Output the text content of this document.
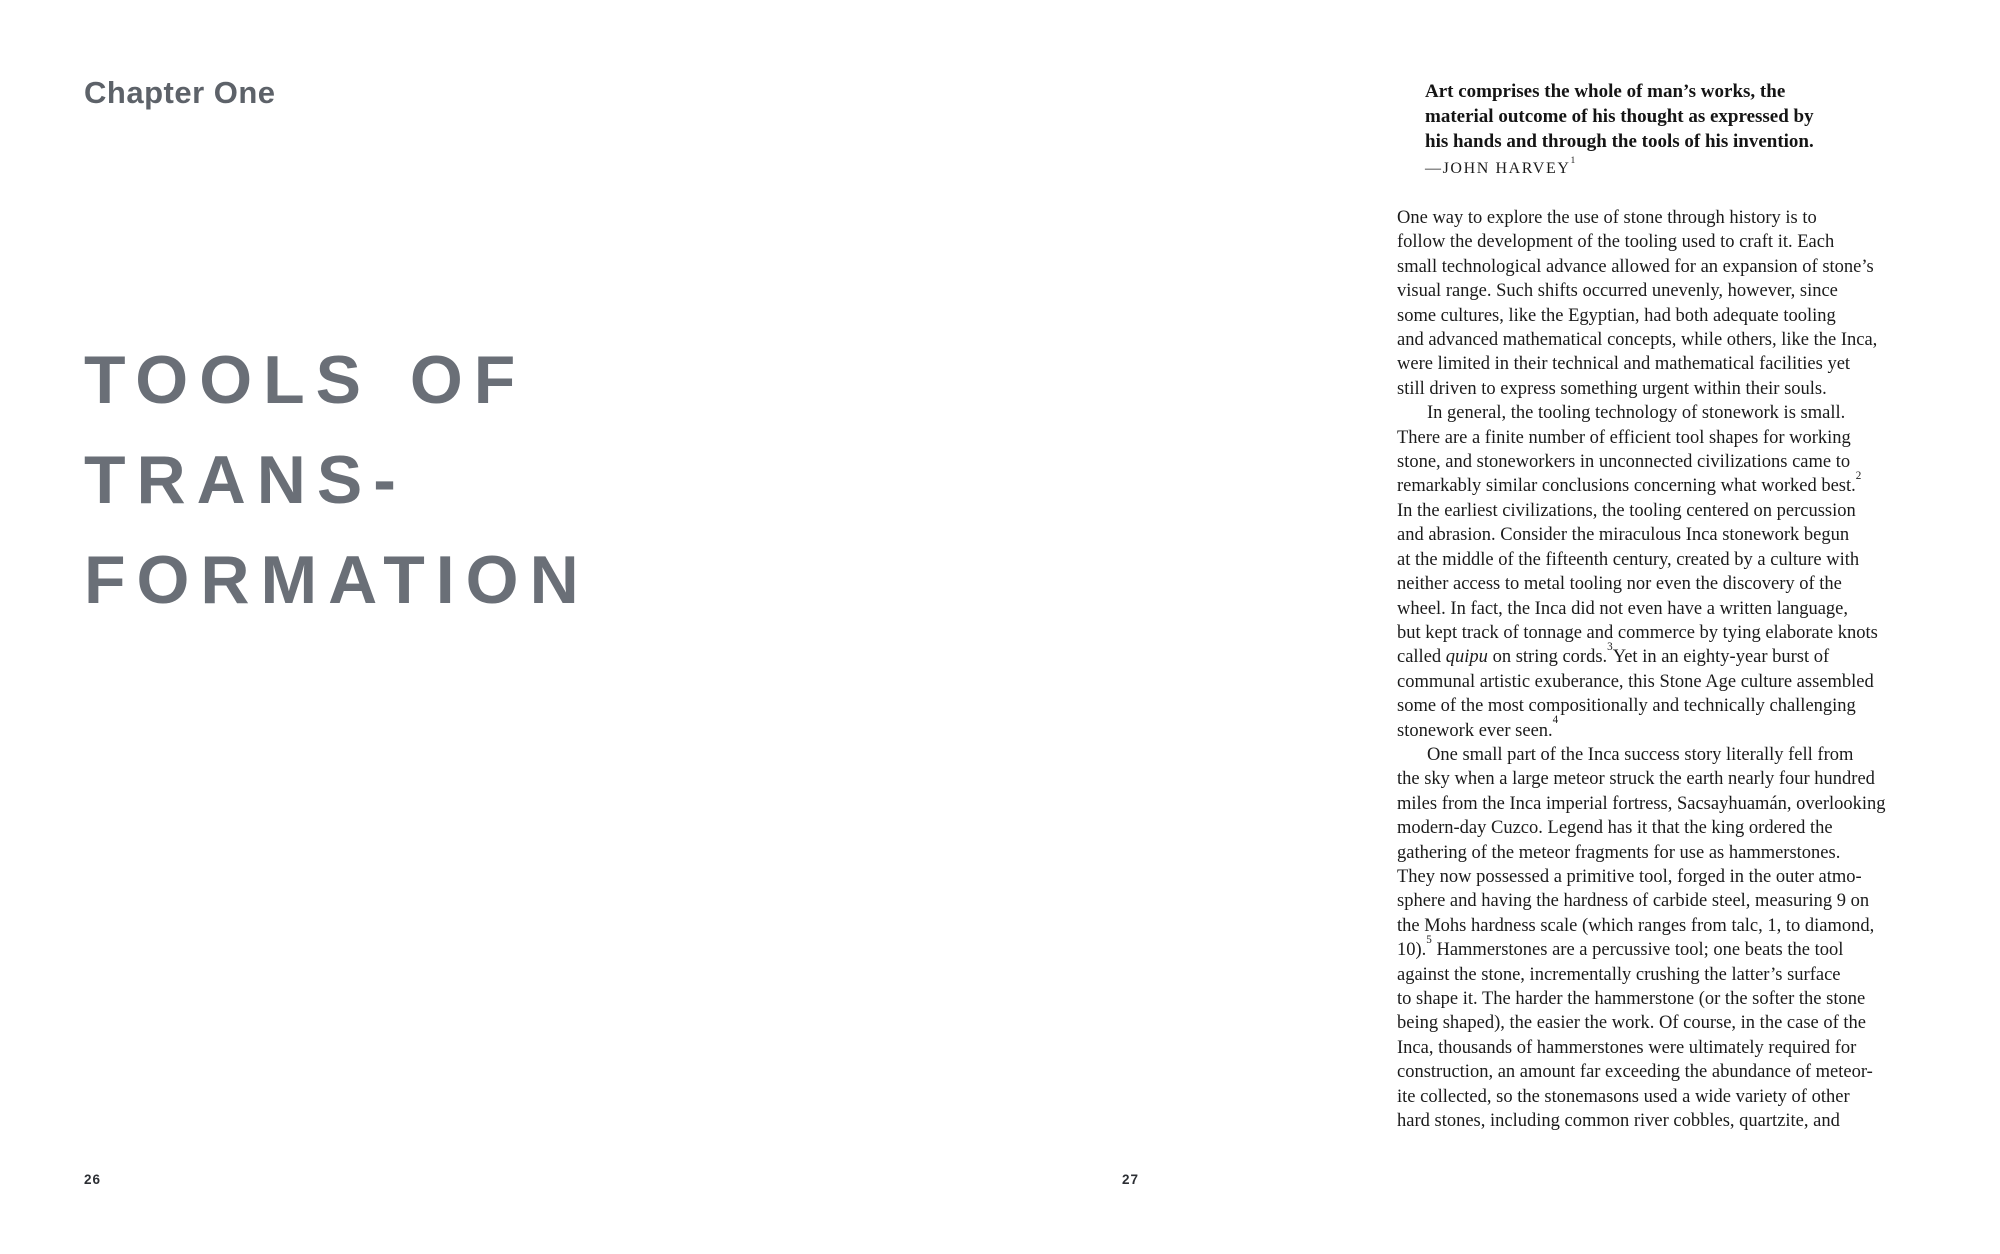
Chapter One
TOOLS OF
TRANS-
FORMATION
26
Art comprises the whole of man’s works, the
material outcome of his thought as expressed by
his hands and through the tools of his invention.
—JOHN HARVEY$^1$
One way to explore the use of stone through history is to
follow the development of the tooling used to craft it. Each
small technological advance allowed for an expansion of stone’s
visual range. Such shifts occurred unevenly, however, since
some cultures, like the Egyptian, had both adequate tooling
and advanced mathematical concepts, while others, like the Inca,
were limited in their technical and mathematical facilities yet
still driven to express something urgent within their souls.
In general, the tooling technology of stonework is small.
There are a finite number of efficient tool shapes for working
stone, and stoneworkers in unconnected civilizations came to
remarkably similar conclusions concerning what worked best.$^2$
In the earliest civilizations, the tooling centered on percussion
and abrasion. Consider the miraculous Inca stonework begun
at the middle of the fifteenth century, created by a culture with
neither access to metal tooling nor even the discovery of the
wheel. In fact, the Inca did not even have a written language,
but kept track of tonnage and commerce by tying elaborate knots
called quipu on string cords.$^3$Yet in an eighty-year burst of
communal artistic exuberance, this Stone Age culture assembled
some of the most compositionally and technically challenging
stonework ever seen.$^4$
One small part of the Inca success story literally fell from
the sky when a large meteor struck the earth nearly four hundred
miles from the Inca imperial fortress, Sacsayhuamán, overlooking
modern-day Cuzco. Legend has it that the king ordered the
gathering of the meteor fragments for use as hammerstones.
They now possessed a primitive tool, forged in the outer atmo-
sphere and having the hardness of carbide steel, measuring 9 on
the Mohs hardness scale (which ranges from talc, 1, to diamond,
10).$^5$ Hammerstones are a percussive tool; one beats the tool
against the stone, incrementally crushing the latter’s surface
to shape it. The harder the hammerstone (or the softer the stone
being shaped), the easier the work. Of course, in the case of the
Inca, thousands of hammerstones were ultimately required for
construction, an amount far exceeding the abundance of meteor-
ite collected, so the stonemasons used a wide variety of other
hard stones, including common river cobbles, quartzite, and
27
